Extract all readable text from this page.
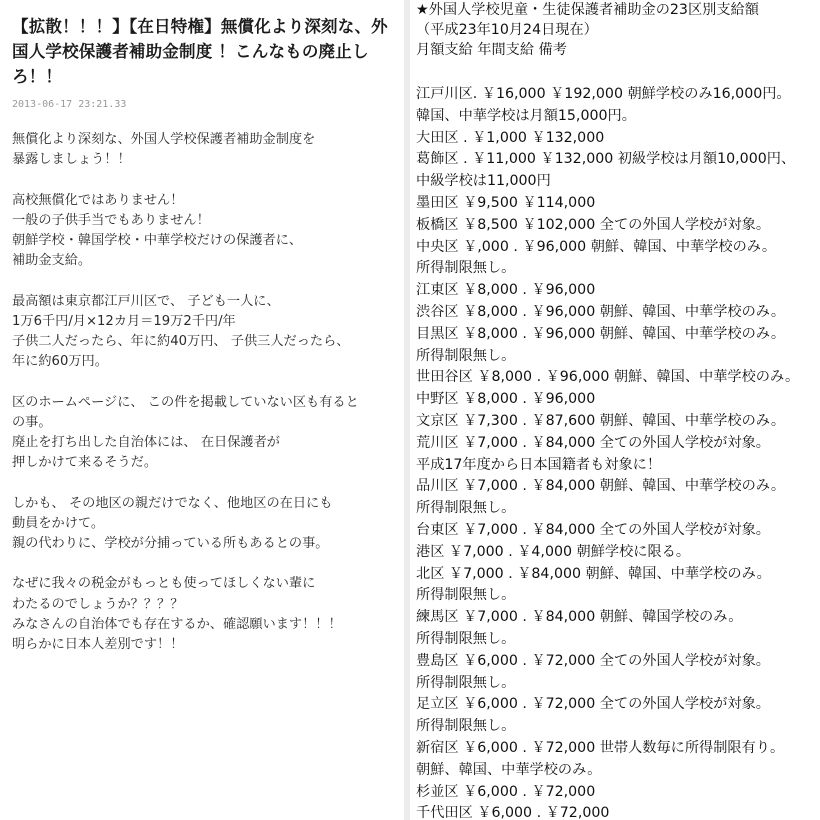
【拡散！！！】【在日特権】無償化より深刻な、外
国人学校保護者補助金制度 ！こんなもの廃止し
ろ！！
2013-06-17 23:21.33
無償化より深刻な、外国人学校保護者補助金制度を
暴露しましょう！！
高校無償化ではありません！
一般の子供手当でもありません！
朝鮮学校・韓国学校・中華学校だけの保護者に、
補助金支給。
最高額は東京都江戸川区で、 子ども一人に、
1万6千円/月×12カ月＝19万2千円/年
子供二人だったら、年に約40万円、 子供三人だったら、
年に約60万円。
区のホームページに、 この件を掲載していない区も有ると
の事。
廃止を打ち出した自治体には、 在日保護者が
押しかけて来るそうだ。
しかも、 その地区の親だけでなく、他地区の在日にも
動員をかけて。
親の代わりに、学校が分捕っている所もあるとの事。
なぜに我々の税金がもっとも使ってほしくない輩に
わたるのでしょうか？？？？
みなさんの自治体でも存在するか、確認願います！！！
明らかに日本人差別です！！
★外国人学校児童・生徒保護者補助金の23区別支給額
（平成23年10月24日現在）
月額支給 年間支給 備考
江戸川区. ￥16,000 ￥192,000 朝鮮学校のみ16,000円。
韓国、中華学校は月額15,000円。
大田区 . ￥1,000 ￥132,000
葛飾区 . ￥11,000 ￥132,000 初級学校は月額10,000円、
中級学校は11,000円
墨田区 ￥9,500 ￥114,000
板橋区 ￥8,500 ￥102,000 全ての外国人学校が対象。
中央区 ￥,000 . ￥96,000 朝鮮、韓国、中華学校のみ。
所得制限無し。
江東区 ￥8,000 . ￥96,000
渋谷区 ￥8,000 . ￥96,000 朝鮮、韓国、中華学校のみ。
目黒区 ￥8,000 . ￥96,000 朝鮮、韓国、中華学校のみ。
所得制限無し。
世田谷区 ￥8,000 . ￥96,000 朝鮮、韓国、中華学校のみ。
中野区 ￥8,000 . ￥96,000
文京区 ￥7,300 . ￥87,600 朝鮮、韓国、中華学校のみ。
荒川区 ￥7,000 . ￥84,000 全ての外国人学校が対象。
平成17年度から日本国籍者も対象に！
品川区 ￥7,000 . ￥84,000 朝鮮、韓国、中華学校のみ。
所得制限無し。
台東区 ￥7,000 . ￥84,000 全ての外国人学校が対象。
港区 ￥7,000 . ￥4,000 朝鮮学校に限る。
北区 ￥7,000 . ￥84,000 朝鮮、韓国、中華学校のみ。
所得制限無し。
練馬区 ￥7,000 . ￥84,000 朝鮮、韓国学校のみ。
所得制限無し。
豊島区 ￥6,000 . ￥72,000 全ての外国人学校が対象。
所得制限無し。
足立区 ￥6,000 . ￥72,000 全ての外国人学校が対象。
所得制限無し。
新宿区 ￥6,000 . ￥72,000 世帯人数毎に所得制限有り。
朝鮮、韓国、中華学校のみ。
杉並区 ￥6,000 . ￥72,000
千代田区 ￥6,000 . ￥72,000
